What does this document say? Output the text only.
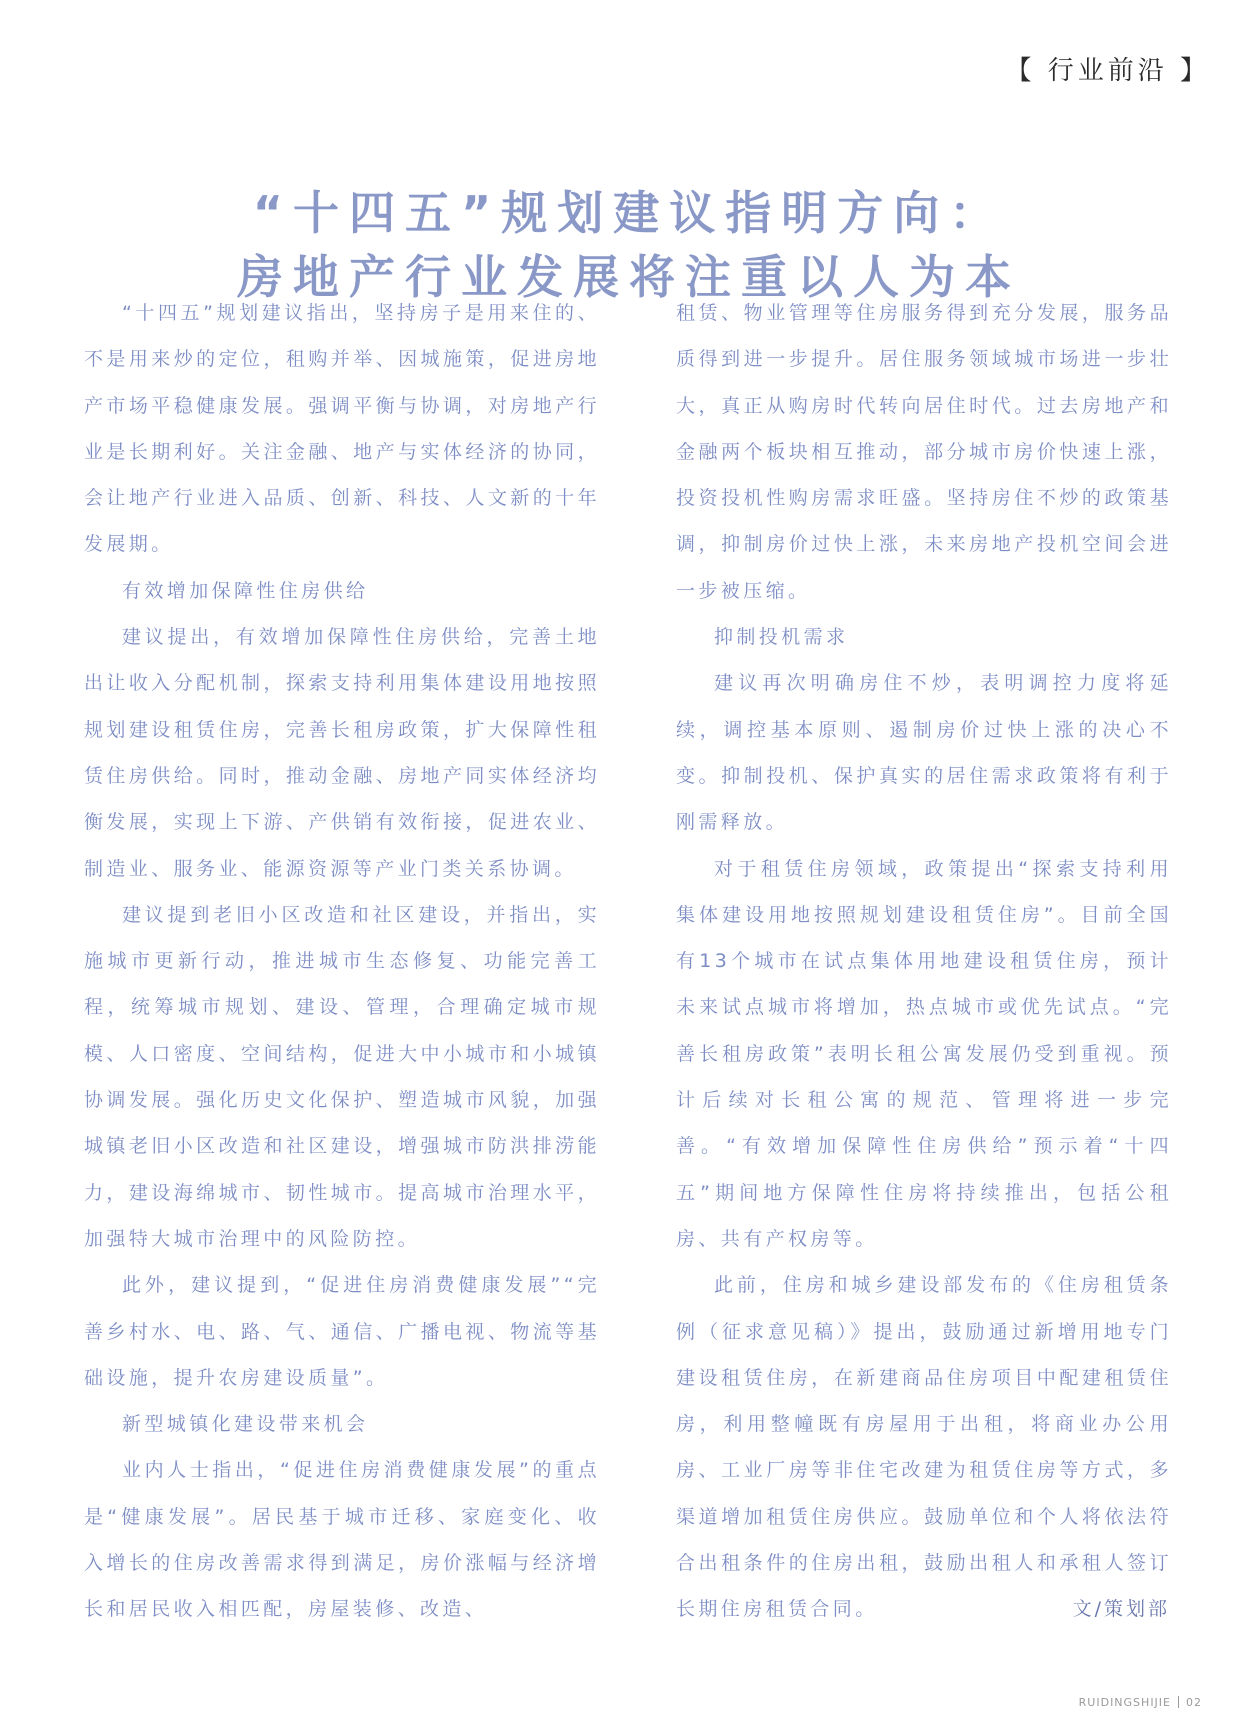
【 行业前沿 】
“十四五”规划建议指明方向：
房地产行业发展将注重以人为本

“十四五”规划建议指出，坚持房子是用来住的、不是用来炒的定位，租购并举、因城施策，促进房地产市场平稳健康发展。强调平衡与协调，对房地产行业是长期利好。关注金融、地产与实体经济的协同，会让地产行业进入品质、创新、科技、人文新的十年发展期。

有效增加保障性住房供给

建议提出，有效增加保障性住房供给，完善土地出让收入分配机制，探索支持利用集体建设用地按照规划建设租赁住房，完善长租房政策，扩大保障性租赁住房供给。同时，推动金融、房地产同实体经济均衡发展，实现上下游、产供销有效衔接，促进农业、制造业、服务业、能源资源等产业门类关系协调。

建议提到老旧小区改造和社区建设，并指出，实施城市更新行动，推进城市生态修复、功能完善工程，统筹城市规划、建设、管理，合理确定城市规模、人口密度、空间结构，促进大中小城市和小城镇协调发展。强化历史文化保护、塑造城市风貌，加强城镇老旧小区改造和社区建设，增强城市防洪排涝能力，建设海绵城市、韧性城市。提高城市治理水平，加强特大城市治理中的风险防控。

此外，建议提到，“促进住房消费健康发展”“完善乡村水、电、路、气、通信、广播电视、物流等基础设施，提升农房建设质量”。

新型城镇化建设带来机会

业内人士指出，“促进住房消费健康发展”的重点是“健康发展”。居民基于城市迁移、家庭变化、收入增长的住房改善需求得到满足，房价涨幅与经济增长和居民收入相匹配，房屋装修、改造、

租赁、物业管理等住房服务得到充分发展，服务品质得到进一步提升。居住服务领域城市场进一步壮大，真正从购房时代转向居住时代。过去房地产和金融两个板块相互推动，部分城市房价快速上涨，投资投机性购房需求旺盛。坚持房住不炒的政策基调，抑制房价过快上涨，未来房地产投机空间会进一步被压缩。

抑制投机需求

建议再次明确房住不炒，表明调控力度将延续，调控基本原则、遏制房价过快上涨的决心不变。抑制投机、保护真实的居住需求政策将有利于刚需释放。

对于租赁住房领域，政策提出“探索支持利用集体建设用地按照规划建设租赁住房”。目前全国有13个城市在试点集体用地建设租赁住房，预计未来试点城市将增加，热点城市或优先试点。“完善长租房政策”表明长租公寓发展仍受到重视。预计后续对长租公寓的规范、管理将进一步完善。“有效增加保障性住房供给”预示着“十四五”期间地方保障性住房将持续推出，包括公租房、共有产权房等。

此前，住房和城乡建设部发布的《住房租赁条例（征求意见稿）》提出，鼓励通过新增用地专门建设租赁住房，在新建商品住房项目中配建租赁住房，利用整幢既有房屋用于出租，将商业办公用房、工业厂房等非住宅改建为租赁住房等方式，多渠道增加租赁住房供应。鼓励单位和个人将依法符合出租条件的住房出租，鼓励出租人和承租人签订长期住房租赁合同。	文/策划部
RUIDINGSHIJIE 02
